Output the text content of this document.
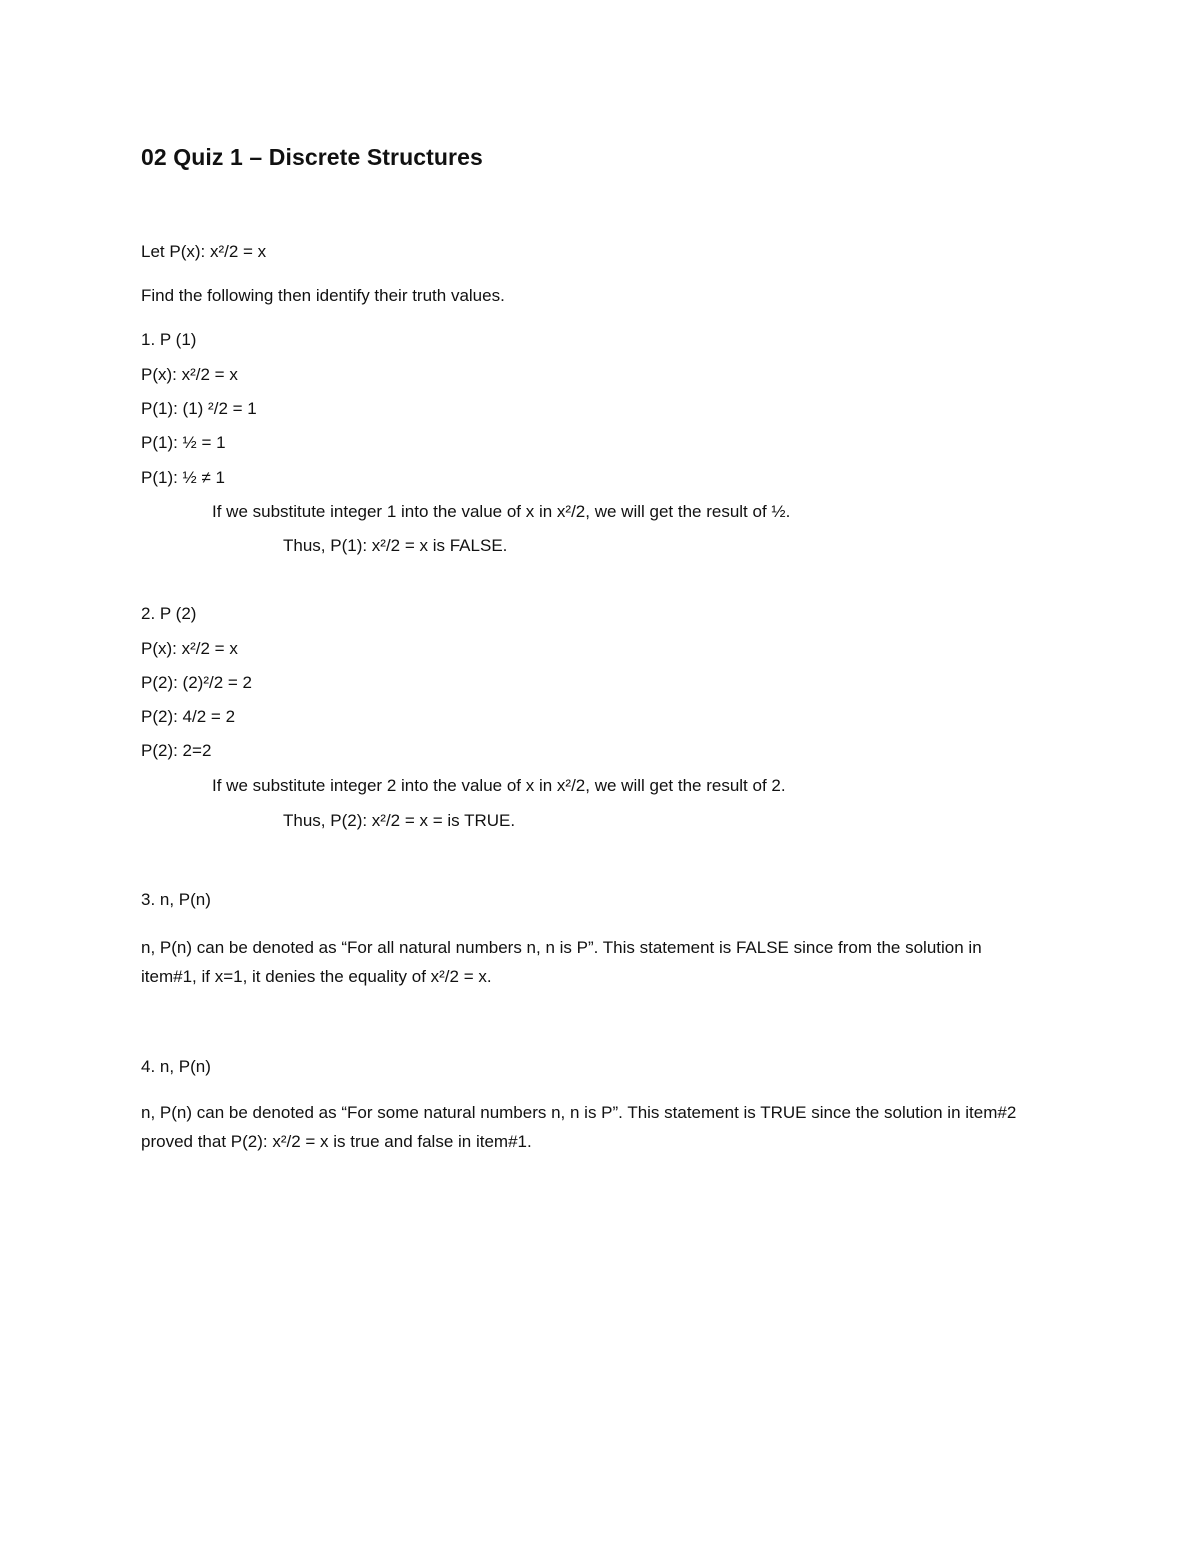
02 Quiz 1 – Discrete Structures
Let P(x): x²/2 = x
Find the following then identify their truth values.
1. P (1)
P(x): x²/2 = x
P(1): (1) ²/2 = 1
P(1): ½ = 1
P(1): ½ ≠ 1
If we substitute integer 1 into the value of x in x²/2, we will get the result of ½.
Thus, P(1): x²/2 = x is FALSE.
2. P (2)
P(x): x²/2 = x
P(2): (2)²/2 = 2
P(2): 4/2 = 2
P(2): 2=2
If we substitute integer 2 into the value of x in x²/2, we will get the result of 2.
Thus, P(2): x²/2 = x = is TRUE.
3. n, P(n)
n, P(n) can be denoted as “For all natural numbers n, n is P”. This statement is FALSE since from the solution in item#1, if x=1, it denies the equality of x²/2 = x.
4. n, P(n)
n, P(n) can be denoted as “For some natural numbers n, n is P”. This statement is TRUE since the solution in item#2 proved that P(2): x²/2 = x is true and false in item#1.
